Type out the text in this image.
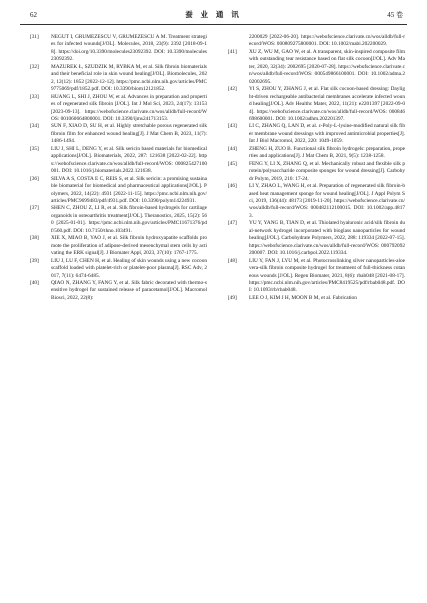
62	蚕 业 通 讯	45 卷
[31] NEGUT I, GRUMEZESCU V, GRUMEZESCU A M. Treatment strategies for infected wounds[J/OL]. Molecules, 2018, 23(9): 2392 [2018-09-18]. https://doi.org/10.3390/molecules23092392. DOI: 10.3390/molecules23092392.
[32] MAZUREK Ł, SZUDZIK M, RYBKA M, et al. Silk fibroin biomaterials and their beneficial role in skin wound healing[J/OL]. Biomolecules, 2022, 12(12): 1852 [2022-12-12]. https://pmc.ncbi.nlm.nih.gov/articles/PMC9775069/pdf/1852.pdf. DOI: 10.3390/biom12121852.
[33] HUANG L, SHI J, ZHOU W, et al. Advances in preparation and properties of regenerated silk fibroin [J/OL]. Int J Mol Sci, 2023, 24(17): 13153 [2023-09-13]. https://webofscience.clarivate.cn/wos/alldb/full-record/WOS: 001060664800001. DOI: 10.3390/ijms241713153.
[34] SUN F, XIAO D, SU H, et al. Highly stretchable porous regenerated silk fibroin film for enhanced wound healing[J]. J Mat Chem B, 2023, 11(7): 1486-1494.
[35] LIU J, SHI L, DENG Y, et al. Silk sericin based materials for biomedical applications[J/OL]. Biomaterials, 2022, 287: 121638 [2022-02-22]. https://webofscience.clarivate.cn/wos/alldb/full-record/WOS: 000825427100001. DOI: 10.1016/j.biomaterials.2022.121638.
[36] SILVA A S, COSTA E C, REIS S, et al. Silk sericin: a promising sustainable biomaterial for biomedical and pharmaceutical applications[J/OL]. Polymers, 2022, 14(22): 4931 [2022-11-15]. https://pmc.ncbi.nlm.nih.gov/articles/PMC9699483/pdf/4931.pdf. DOI: 10.3390/polym14224931.
[37] SHEN C, ZHOU Z, LI R, et al. Silk fibroin-based hydrogels for cartilage organoids in osteoarthritis treatment[J/OL]. Theranostics, 2025, 15(2): 560 [2025-01-01]. https://pmc.ncbi.nlm.nih.gov/articles/PMC11671376/pdf/560.pdf. DOI: 10.7150/thno.103491.
[38] XIE X, MIAO B, YAO J, et al. Silk fibroin hydroxyapatite scaffolds promote the proliferation of adipose-derived mesenchymal stem cells by activating the ERK signal[J]. J Biomater Appl, 2023, 37(10): 1767-1775.
[39] LIU J, LU F, CHEN H, et al. Healing of skin wounds using a new cocoon scaffold loaded with platelet-rich or platelet-poor plasma[J]. RSC Adv, 2017, 7(11): 6474-6485.
[40] QIAO N, ZHANG Y, FANG Y, et al. Silk fabric decorated with thermo-sensitive hydrogel for sustained release of paracetamol[J/OL]. Macromol Biosci, 2022, 22(8):
2200029 [2022-06-20]. https://webofscience.clarivate.cn/wos/alldb/full-record/WOS: 000809275800001. DOI: 10.1002/mabi.202200029.
[41] XU Z, WU M, GAO W, et al. A transparent, skin-inspired composite film with outstanding tear resistance based on flat silk cocoon[J/OL]. Adv Mater, 2020, 32(34): 2002695 [2020-07-28]. https://webofscience.clarivate.cn/wos/alldb/full-record/WOS: 000549866100001. DOI: 10.1002/adma.202002695.
[42] YI S, ZHOU Y, ZHANG J, et al. Flat silk cocoon-based dressing: Daylight-driven rechargeable antibacterial membranes accelerate infected wound healing[J/OL]. Adv Healthc Mater, 2022, 11(21): e2201397 [2022-09-04]. https://webofscience.clarivate.cn/wos/alldb/full-record/WOS: 000846698600001. DOI: 10.1002/adhm.202201397.
[43] LI C, ZHANG Q, LAN D, et al. ε-Poly-L-lysine-modified natural silk fiber membrane wound dressings with improved antimicrobial properties[J]. Int J Biol Macromol, 2022, 220: 1049-1059.
[44] ZHENG H, ZUO B. Functional silk fibroin hydrogels: preparation, properties and applications[J]. J Mat Chem B, 2021, 9(5): 1238-1258.
[45] FENG Y, LI X, ZHANG Q, et al. Mechanically robust and flexible silk protein/polysaccharide composite sponges for wound dressing[J]. Carbohydr Polym, 2019, 216: 17-24.
[46] LI Y, ZHAO L, WANG H, et al. Preparation of regenerated silk fibroin-based heat management sponge for wound healing[J/OL]. J Appl Polym Sci, 2019, 136(44): 48173 [2019-11-20]. https://webofscience.clarivate.cn/wos/alldb/full-record/WOS: 000482112100015. DOI: 10.1002/app.48173.
[47] YU Y, YANG B, TIAN D, et al. Thiolated hyaluronic acid/silk fibroin dual-network hydrogel incorporated with bioglass nanoparticles for wound healing[J/OL]. Carbohydrate Polymers, 2022, 288: 119334 [2022-07-15]. https://webofscience.clarivate.cn/wos/alldb/full-record/WOS: 000792092200007. DOI: 10.1016/j.carbpol.2022.119334.
[48] LIU Y, FAN J, LYU M, et al. Photocrosslinking silver nanoparticles-aloe vera-silk fibroin composite hydrogel for treatment of full-thickness cutaneous wounds [J/OL]. Regen Biomater, 2021, 8(6): rbab048 [2021-08-17]. https://pmc.ncbi.nlm.nih.gov/articles/PMC8419525/pdf/rbab048.pdf. DOI: 10.1093/rb/rbab048.
[49] LEE O J, KIM J H, MOON B M, et al. Fabrication
